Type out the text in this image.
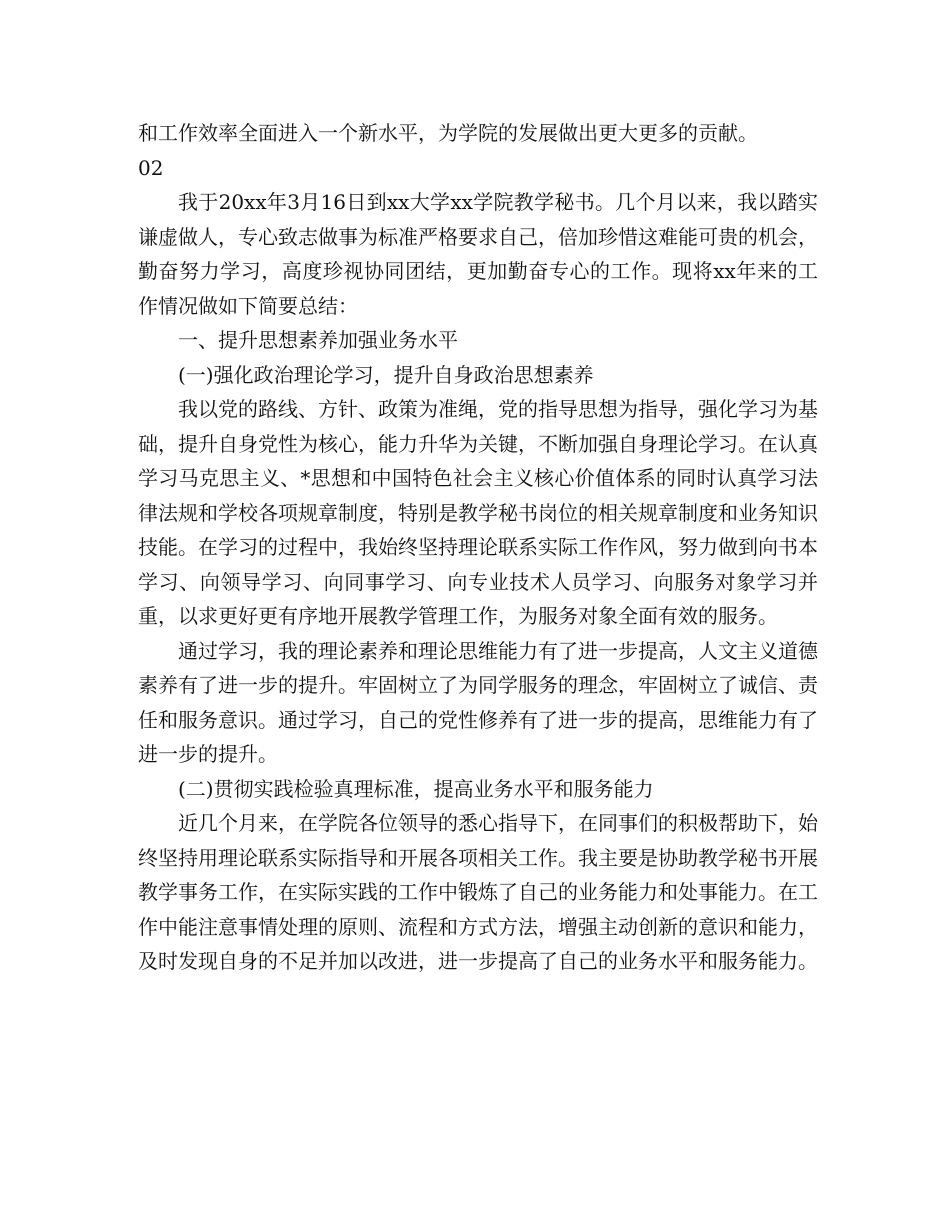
和工作效率全面进入一个新水平，为学院的发展做出更大更多的贡献。

02

我于20xx年3月16日到xx大学xx学院教学秘书。几个月以来，我以踏实谦虚做人，专心致志做事为标准严格要求自己，倍加珍惜这难能可贵的机会，勤奋努力学习，高度珍视协同团结，更加勤奋专心的工作。现将xx年来的工作情况做如下简要总结：

一、提升思想素养加强业务水平

(一)强化政治理论学习，提升自身政治思想素养

我以党的路线、方针、政策为准绳，党的指导思想为指导，强化学习为基础，提升自身党性为核心，能力升华为关键，不断加强自身理论学习。在认真学习马克思主义、*思想和中国特色社会主义核心价值体系的同时认真学习法律法规和学校各项规章制度，特别是教学秘书岗位的相关规章制度和业务知识技能。在学习的过程中，我始终坚持理论联系实际工作作风，努力做到向书本学习、向领导学习、向同事学习、向专业技术人员学习、向服务对象学习并重，以求更好更有序地开展教学管理工作，为服务对象全面有效的服务。

通过学习，我的理论素养和理论思维能力有了进一步提高，人文主义道德素养有了进一步的提升。牢固树立了为同学服务的理念，牢固树立了诚信、责任和服务意识。通过学习，自己的党性修养有了进一步的提高，思维能力有了进一步的提升。

(二)贯彻实践检验真理标准，提高业务水平和服务能力

近几个月来，在学院各位领导的悉心指导下，在同事们的积极帮助下，始终坚持用理论联系实际指导和开展各项相关工作。我主要是协助教学秘书开展教学事务工作，在实际实践的工作中锻炼了自己的业务能力和处事能力。在工作中能注意事情处理的原则、流程和方式方法，增强主动创新的意识和能力，及时发现自身的不足并加以改进，进一步提高了自己的业务水平和服务能力。
